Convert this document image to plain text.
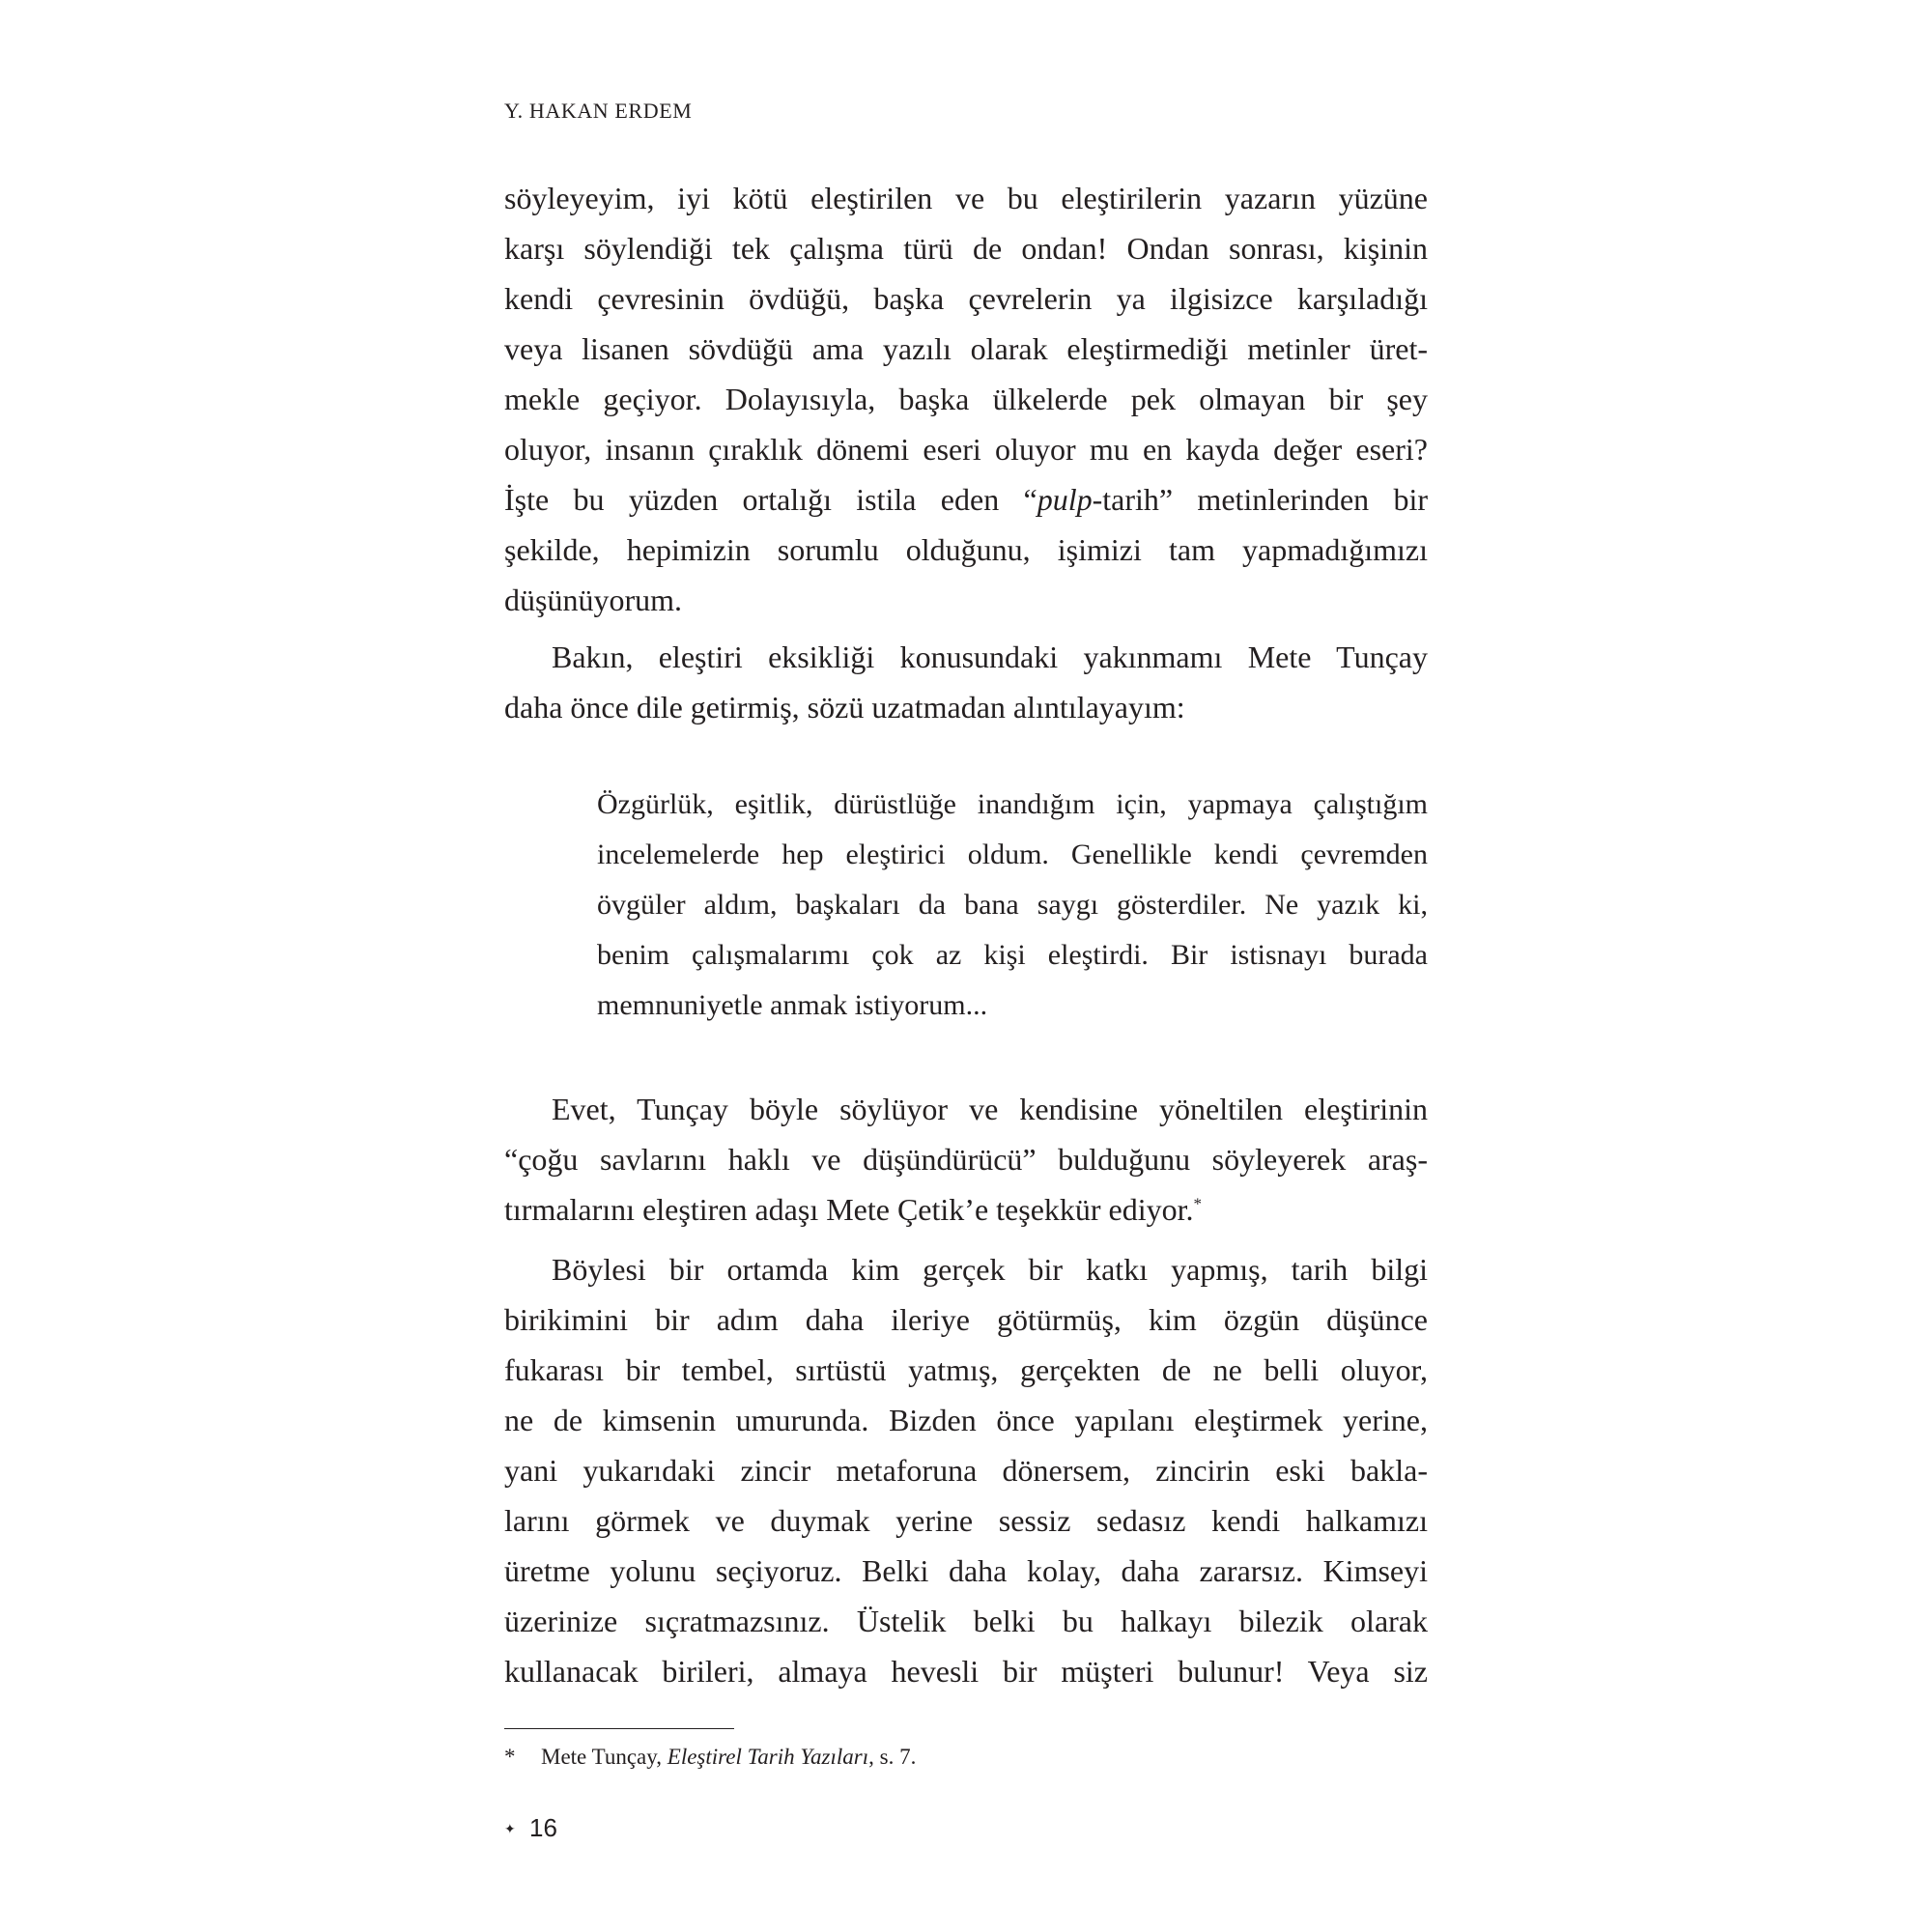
Y. HAKAN ERDEM
söyleyeyim, iyi kötü eleştirilen ve bu eleştirilerin yazarın yüzüne
karşı söylendiği tek çalışma türü de ondan! Ondan sonrası, kişinin
kendi çevresinin övdüğü, başka çevrelerin ya ilgisizce karşıladığı
veya lisanen sövdüğü ama yazılı olarak eleştirmediği metinler üret-
mekle geçiyor. Dolayısıyla, başka ülkelerde pek olmayan bir şey
oluyor, insanın çıraklık dönemi eseri oluyor mu en kayda değer eseri?
İşte bu yüzden ortalığı istila eden “pulp-tarih” metinlerinden bir
şekilde, hepimizin sorumlu olduğunu, işimizi tam yapmadığımızı
düşünüyorum.
Bakın, eleştiri eksikliği konusundaki yakınmamı Mete Tunçay
daha önce dile getirmiş, sözü uzatmadan alıntılayayım:
Özgürlük, eşitlik, dürüstlüğe inandığım için, yapmaya çalıştığım
incelemelerde hep eleştirici oldum. Genellikle kendi çevremden
övgüler aldım, başkaları da bana saygı gösterdiler. Ne yazık ki,
benim çalışmalarımı çok az kişi eleştirdi. Bir istisnayı burada
memnuniyetle anmak istiyorum...
Evet, Tunçay böyle söylüyor ve kendisine yöneltilen eleştirinin
“çoğu savlarını haklı ve düşündürücü” bulduğunu söyleyerek araş-
tırmalarını eleştiren adaşı Mete Çetik’e teşekkür ediyor.*
Böylesi bir ortamda kim gerçek bir katkı yapmış, tarih bilgi
birikimini bir adım daha ileriye götürmüş, kim özgün düşünce
fukarası bir tembel, sırtüstü yatmış, gerçekten de ne belli oluyor,
ne de kimsenin umurunda. Bizden önce yapılanı eleştirmek yerine,
yani yukarıdaki zincir metaforuna dönersem, zincirin eski bakla-
larını görmek ve duymak yerine sessiz sedasız kendi halkamızı
üretme yolunu seçiyoruz. Belki daha kolay, daha zararsız. Kimseyi
üzerinize sıçratmazsınız. Üstelik belki bu halkayı bilezik olarak
kullanacak birileri, almaya hevesli bir müşteri bulunur! Veya siz
* Mete Tunçay, Eleştirel Tarih Yazıları, s. 7.
✦ 16
